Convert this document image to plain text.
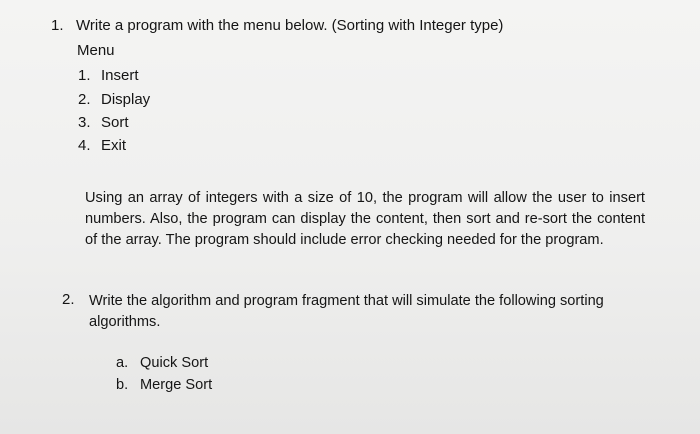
1. Write a program with the menu below. (Sorting with Integer type)
Menu
1. Insert
2. Display
3. Sort
4. Exit

Using an array of integers with a size of 10, the program will allow the user to insert numbers. Also, the program can display the content, then sort and re-sort the content of the array. The program should include error checking needed for the program.

2. Write the algorithm and program fragment that will simulate the following sorting algorithms.
a. Quick Sort
b. Merge Sort
